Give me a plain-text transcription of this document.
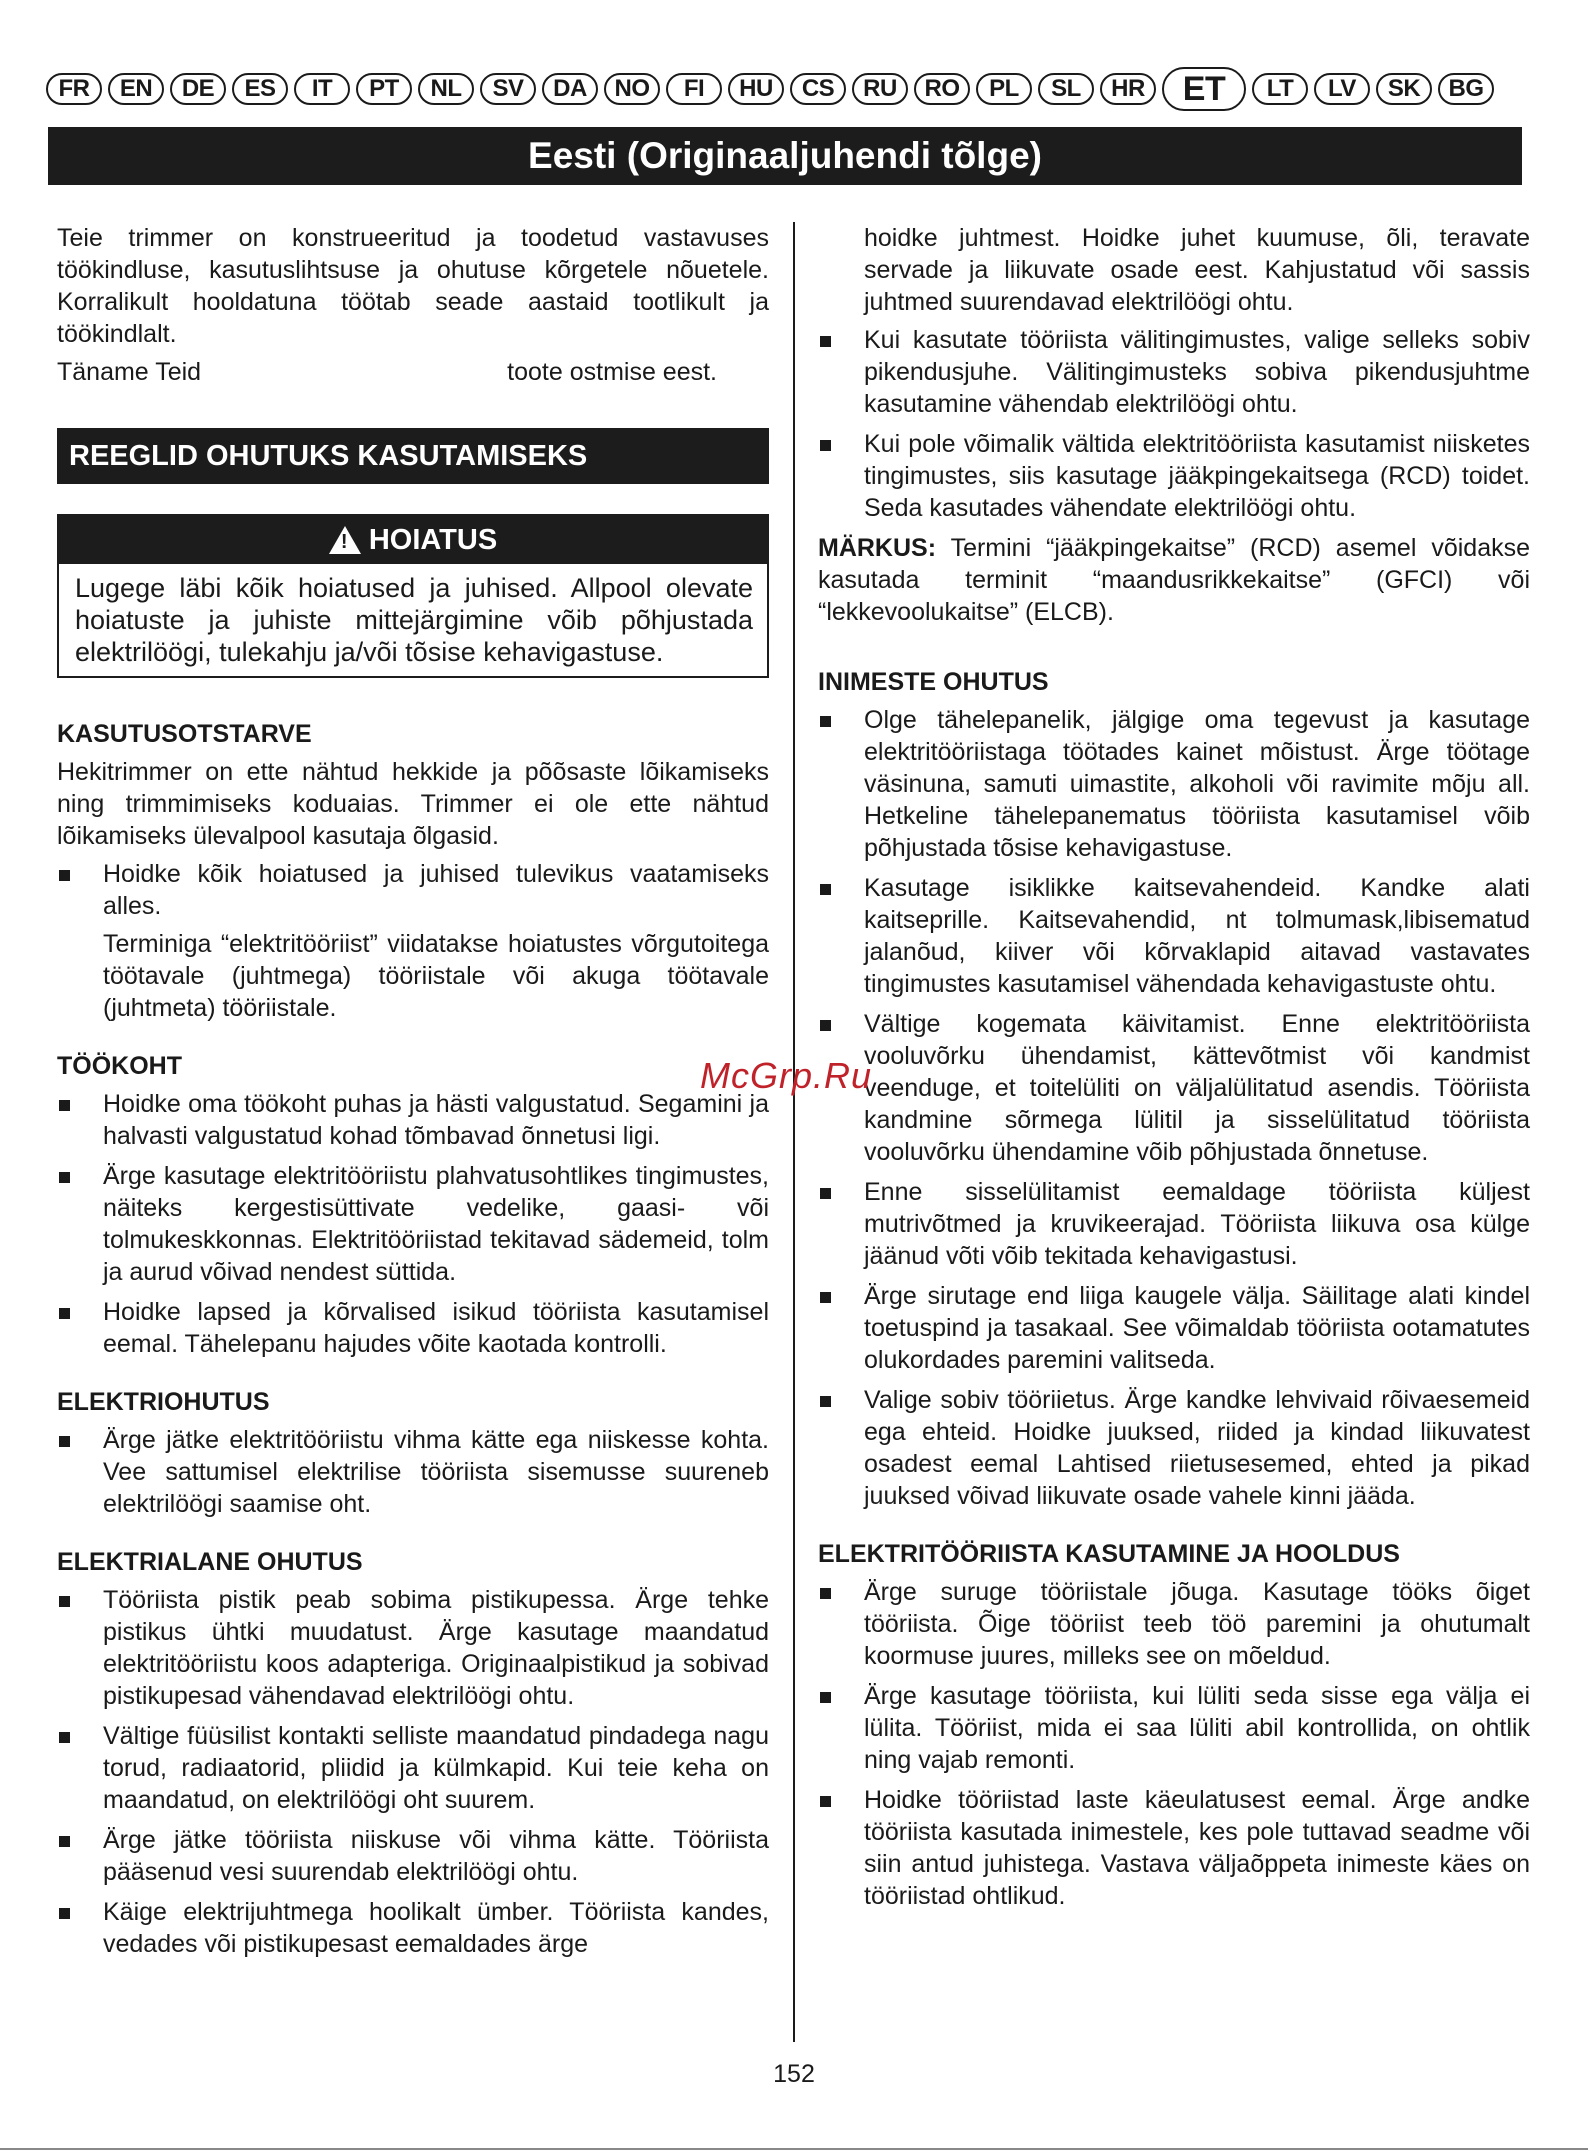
FR	EN	DE	ES	IT	PT	NL	SV	DA	NO	FI	HU	CS	RU	RO	PL	SL	HR	ET	LT	LV	SK	BG
Eesti (Originaaljuhendi tõlge)

Teie trimmer on konstrueeritud ja toodetud vastavuses töökindluse, kasutuslihtsuse ja ohutuse kõrgetele nõuetele. Korralikult hooldatuna töötab seade aastaid tootlikult ja töökindlalt.

Täname Teid	toote ostmise eest.
REEGLID OHUTUKS KASUTAMISEKS
!
HOIATUS
Lugege läbi kõik hoiatused ja juhised. Allpool olevate hoiatuste ja juhiste mittejärgimine võib põhjustada elektrilöögi, tulekahju ja/või tõsise kehavigastuse.
KASUTUSOTSTARVE

Hekitrimmer on ette nähtud hekkide ja põõsaste lõikamiseks ning trimmimiseks koduaias. Trimmer ei ole ette nähtud lõikamiseks ülevalpool kasutaja õlgasid.

Hoidke kõik hoiatused ja juhised tulevikus vaatamiseks alles.
Terminiga “elektritööriist” viidatakse hoiatustes võrgutoitega töötavale (juhtmega) tööriistale või akuga töötavale (juhtmeta) tööriistale.
TÖÖKOHT
Hoidke oma töökoht puhas ja hästi valgustatud. Segamini ja halvasti valgustatud kohad tõmbavad õnnetusi ligi.
Ärge kasutage elektritööriistu plahvatusohtlikes tingimustes, näiteks kergestisüttivate vedelike, gaasi- või tolmukeskkonnas. Elektritööriistad tekitavad sädemeid, tolm ja aurud võivad nendest süttida.
Hoidke lapsed ja kõrvalised isikud tööriista kasutamisel eemal. Tähelepanu hajudes võite kaotada kontrolli.
ELEKTRIOHUTUS
Ärge jätke elektritööriistu vihma kätte ega niiskesse kohta. Vee sattumisel elektrilise tööriista sisemusse suureneb elektrilöögi saamise oht.
ELEKTRIALANE OHUTUS
Tööriista pistik peab sobima pistikupessa. Ärge tehke pistikus ühtki muudatust. Ärge kasutage maandatud elektritööriistu koos adapteriga. Originaalpistikud ja sobivad pistikupesad vähendavad elektrilöögi ohtu.
Vältige füüsilist kontakti selliste maandatud pindadega nagu torud, radiaatorid, pliidid ja külmkapid. Kui teie keha on maandatud, on elektrilöögi oht suurem.
Ärge jätke tööriista niiskuse või vihma kätte. Tööriista pääsenud vesi suurendab elektrilöögi ohtu.
Käige elektrijuhtmega hoolikalt ümber. Tööriista kandes, vedades või pistikupesast eemaldades ärge

hoidke juhtmest. Hoidke juhet kuumuse, õli, teravate servade ja liikuvate osade eest. Kahjustatud või sassis juhtmed suurendavad elektrilöögi ohtu.

Kui kasutate tööriista välitingimustes, valige selleks sobiv pikendusjuhe. Välitingimusteks sobiva pikendusjuhtme kasutamine vähendab elektrilöögi ohtu.
Kui pole võimalik vältida elektritööriista kasutamist niisketes tingimustes, siis kasutage jääkpingekaitsega (RCD) toidet. Seda kasutades vähendate elektrilöögi ohtu.

MÄRKUS: Termini “jääkpingekaitse” (RCD) asemel võidakse kasutada terminit “maandusrikkekaitse” (GFCI) või “lekkevoolukaitse” (ELCB).

INIMESTE OHUTUS
Olge tähelepanelik, jälgige oma tegevust ja kasutage elektritööriistaga töötades kainet mõistust. Ärge töötage väsinuna, samuti uimastite, alkoholi või ravimite mõju all. Hetkeline tähelepanematus tööriista kasutamisel võib põhjustada tõsise kehavigastuse.
Kasutage isiklikke kaitsevahendeid. Kandke alati kaitseprille. Kaitsevahendid, nt tolmumask,libisematud jalanõud, kiiver või kõrvaklapid aitavad vastavates tingimustes kasutamisel vähendada kehavigastuste ohtu.
Vältige kogemata käivitamist. Enne elektritööriista vooluvõrku ühendamist, kättevõtmist või kandmist veenduge, et toitelüliti on väljalülitatud asendis. Tööriista kandmine sõrmega lülitil ja sisselülitatud tööriista vooluvõrku ühendamine võib põhjustada õnnetuse.
Enne sisselülitamist eemaldage tööriista küljest mutrivõtmed ja kruvikeerajad. Tööriista liikuva osa külge jäänud võti võib tekitada kehavigastusi.
Ärge sirutage end liiga kaugele välja. Säilitage alati kindel toetuspind ja tasakaal. See võimaldab tööriista ootamatutes olukordades paremini valitseda.
Valige sobiv tööriietus. Ärge kandke lehvivaid rõivaesemeid ega ehteid. Hoidke juuksed, riided ja kindad liikuvatest osadest eemal Lahtised riietusesemed, ehted ja pikad juuksed võivad liikuvate osade vahele kinni jääda.
ELEKTRITÖÖRIISTA KASUTAMINE JA HOOLDUS
Ärge suruge tööriistale jõuga. Kasutage tööks õiget tööriista. Õige tööriist teeb töö paremini ja ohutumalt koormuse juures, milleks see on mõeldud.
Ärge kasutage tööriista, kui lüliti seda sisse ega välja ei lülita. Tööriist, mida ei saa lüliti abil kontrollida, on ohtlik ning vajab remonti.
Hoidke tööriistad laste käeulatusest eemal. Ärge andke tööriista kasutada inimestele, kes pole tuttavad seadme või siin antud juhistega. Vastava väljaõppeta inimeste käes on tööriistad ohtlikud.
McGrp.Ru
152
